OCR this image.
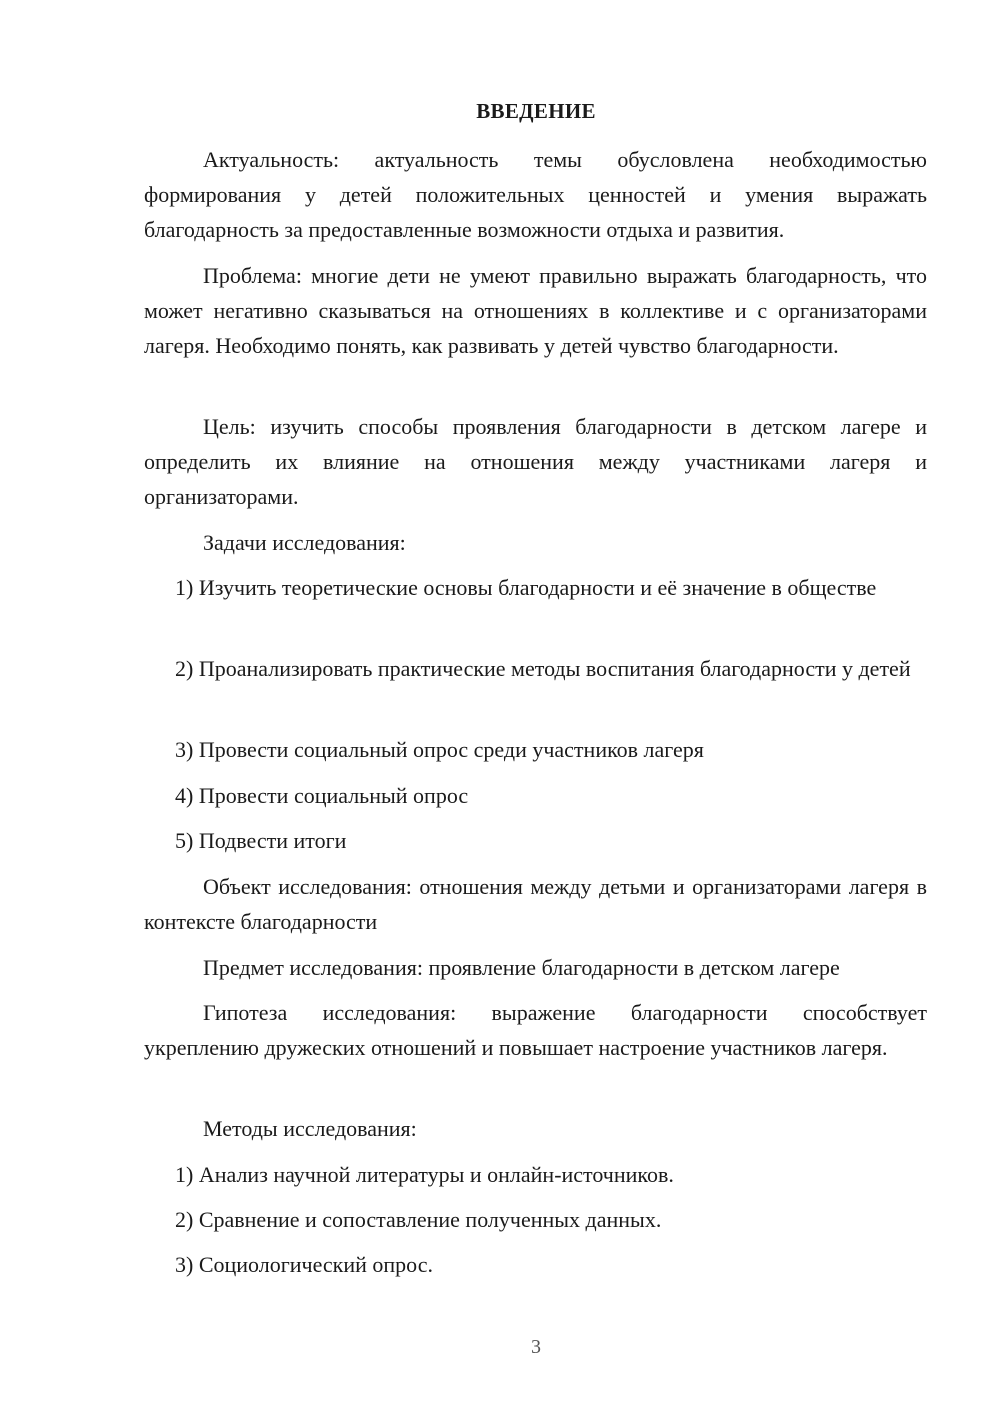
ВВЕДЕНИЕ

Актуальность: актуальность темы обусловлена необходимостью формирования у детей положительных ценностей и умения выражать благодарность за предоставленные возможности отдыха и развития.

Проблема: многие дети не умеют правильно выражать благодарность, что может негативно сказываться на отношениях в коллективе и с организаторами лагеря. Необходимо понять, как развивать у детей чувство благодарности.

Цель: изучить способы проявления благодарности в детском лагере и определить их влияние на отношения между участниками лагеря и организаторами.

Задачи исследования:

1) Изучить теоретические основы благодарности и её значение в обществе

2) Проанализировать практические методы воспитания благодарности у детей

3) Провести социальный опрос среди участников лагеря

4) Провести социальный опрос

5) Подвести итоги

Объект исследования: отношения между детьми и организаторами лагеря в контексте благодарности

Предмет исследования: проявление благодарности в детском лагере

Гипотеза исследования: выражение благодарности способствует укреплению дружеских отношений и повышает настроение участников лагеря.

Методы исследования:

1) Анализ научной литературы и онлайн-источников.

2) Сравнение и сопоставление полученных данных.

3) Социологический опрос.

3
